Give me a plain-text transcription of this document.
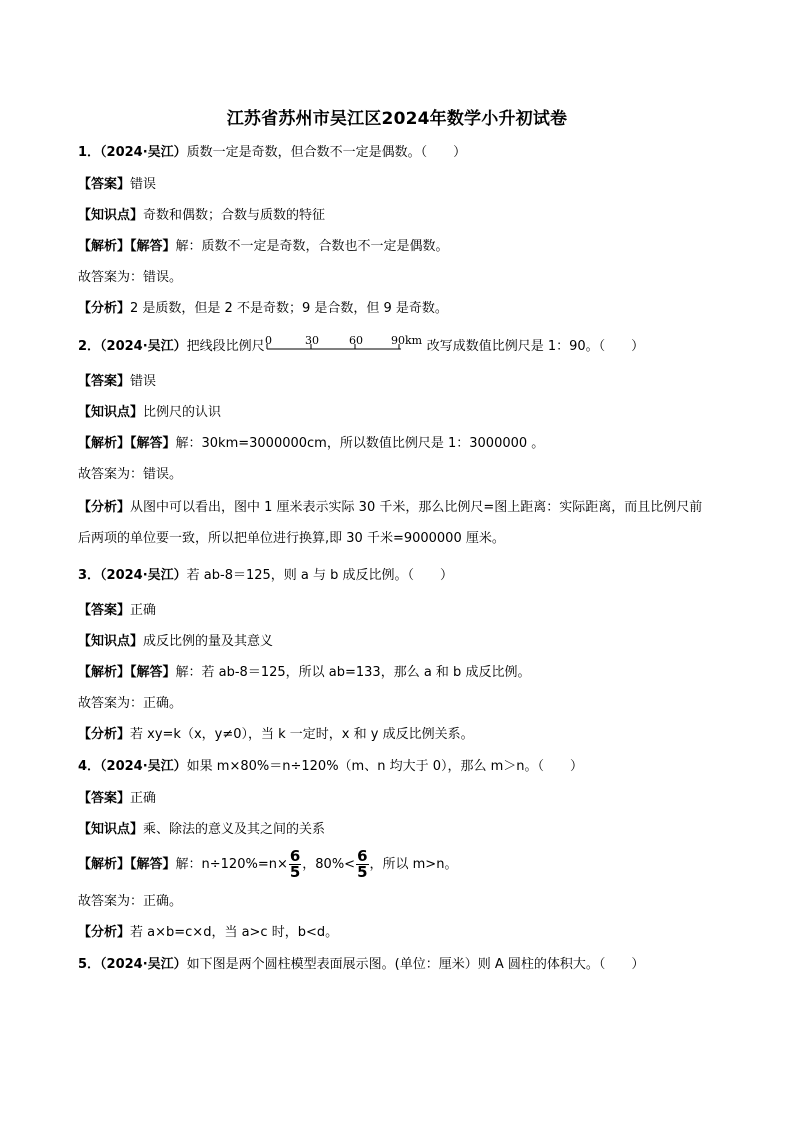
江苏省苏州市吴江区2024年数学小升初试卷
1．（2024·吴江）质数一定是奇数，但合数不一定是偶数。（　　）
【答案】错误
【知识点】奇数和偶数；合数与质数的特征
【解析】【解答】解：质数不一定是奇数，合数也不一定是偶数。
故答案为：错误。
【分析】2 是质数，但是 2 不是奇数；9 是合数，但 9 是奇数。
2．（2024·吴江）把线段比例尺 0	30	60	90km 改写成数值比例尺是 1：90。（　　）
【答案】错误
【知识点】比例尺的认识
【解析】【解答】解：30km=3000000cm，所以数值比例尺是 1：3000000 。
故答案为：错误。
【分析】从图中可以看出，图中 1 厘米表示实际 30 千米，那么比例尺=图上距离：实际距离，而且比例尺前后两项的单位要一致，所以把单位进行换算,即 30 千米=9000000 厘米。
3．（2024·吴江）若 ab-8＝125，则 a 与 b 成反比例。（　　）
【答案】正确
【知识点】成反比例的量及其意义
【解析】【解答】解：若 ab-8＝125，所以 ab=133，那么 a 和 b 成反比例。
故答案为：正确。
【分析】若 xy=k（x，y≠0），当 k 一定时，x 和 y 成反比例关系。
4．（2024·吴江）如果 m×80%＝n÷120%（m、n 均大于 0），那么 m＞n。（　　）
【答案】正确
【知识点】乘、除法的意义及其之间的关系
【解析】【解答】解：$n\div 120\%=n\times \frac{6}{5}$ ，$80\%< \frac{6}{5}$ ，所以 m>n。
故答案为：正确。
【分析】若 a×b=c×d，当 a>c 时，b<d。
5．（2024·吴江）如下图是两个圆柱模型表面展示图。(单位：厘米）则 A 圆柱的体积大。（　　）
